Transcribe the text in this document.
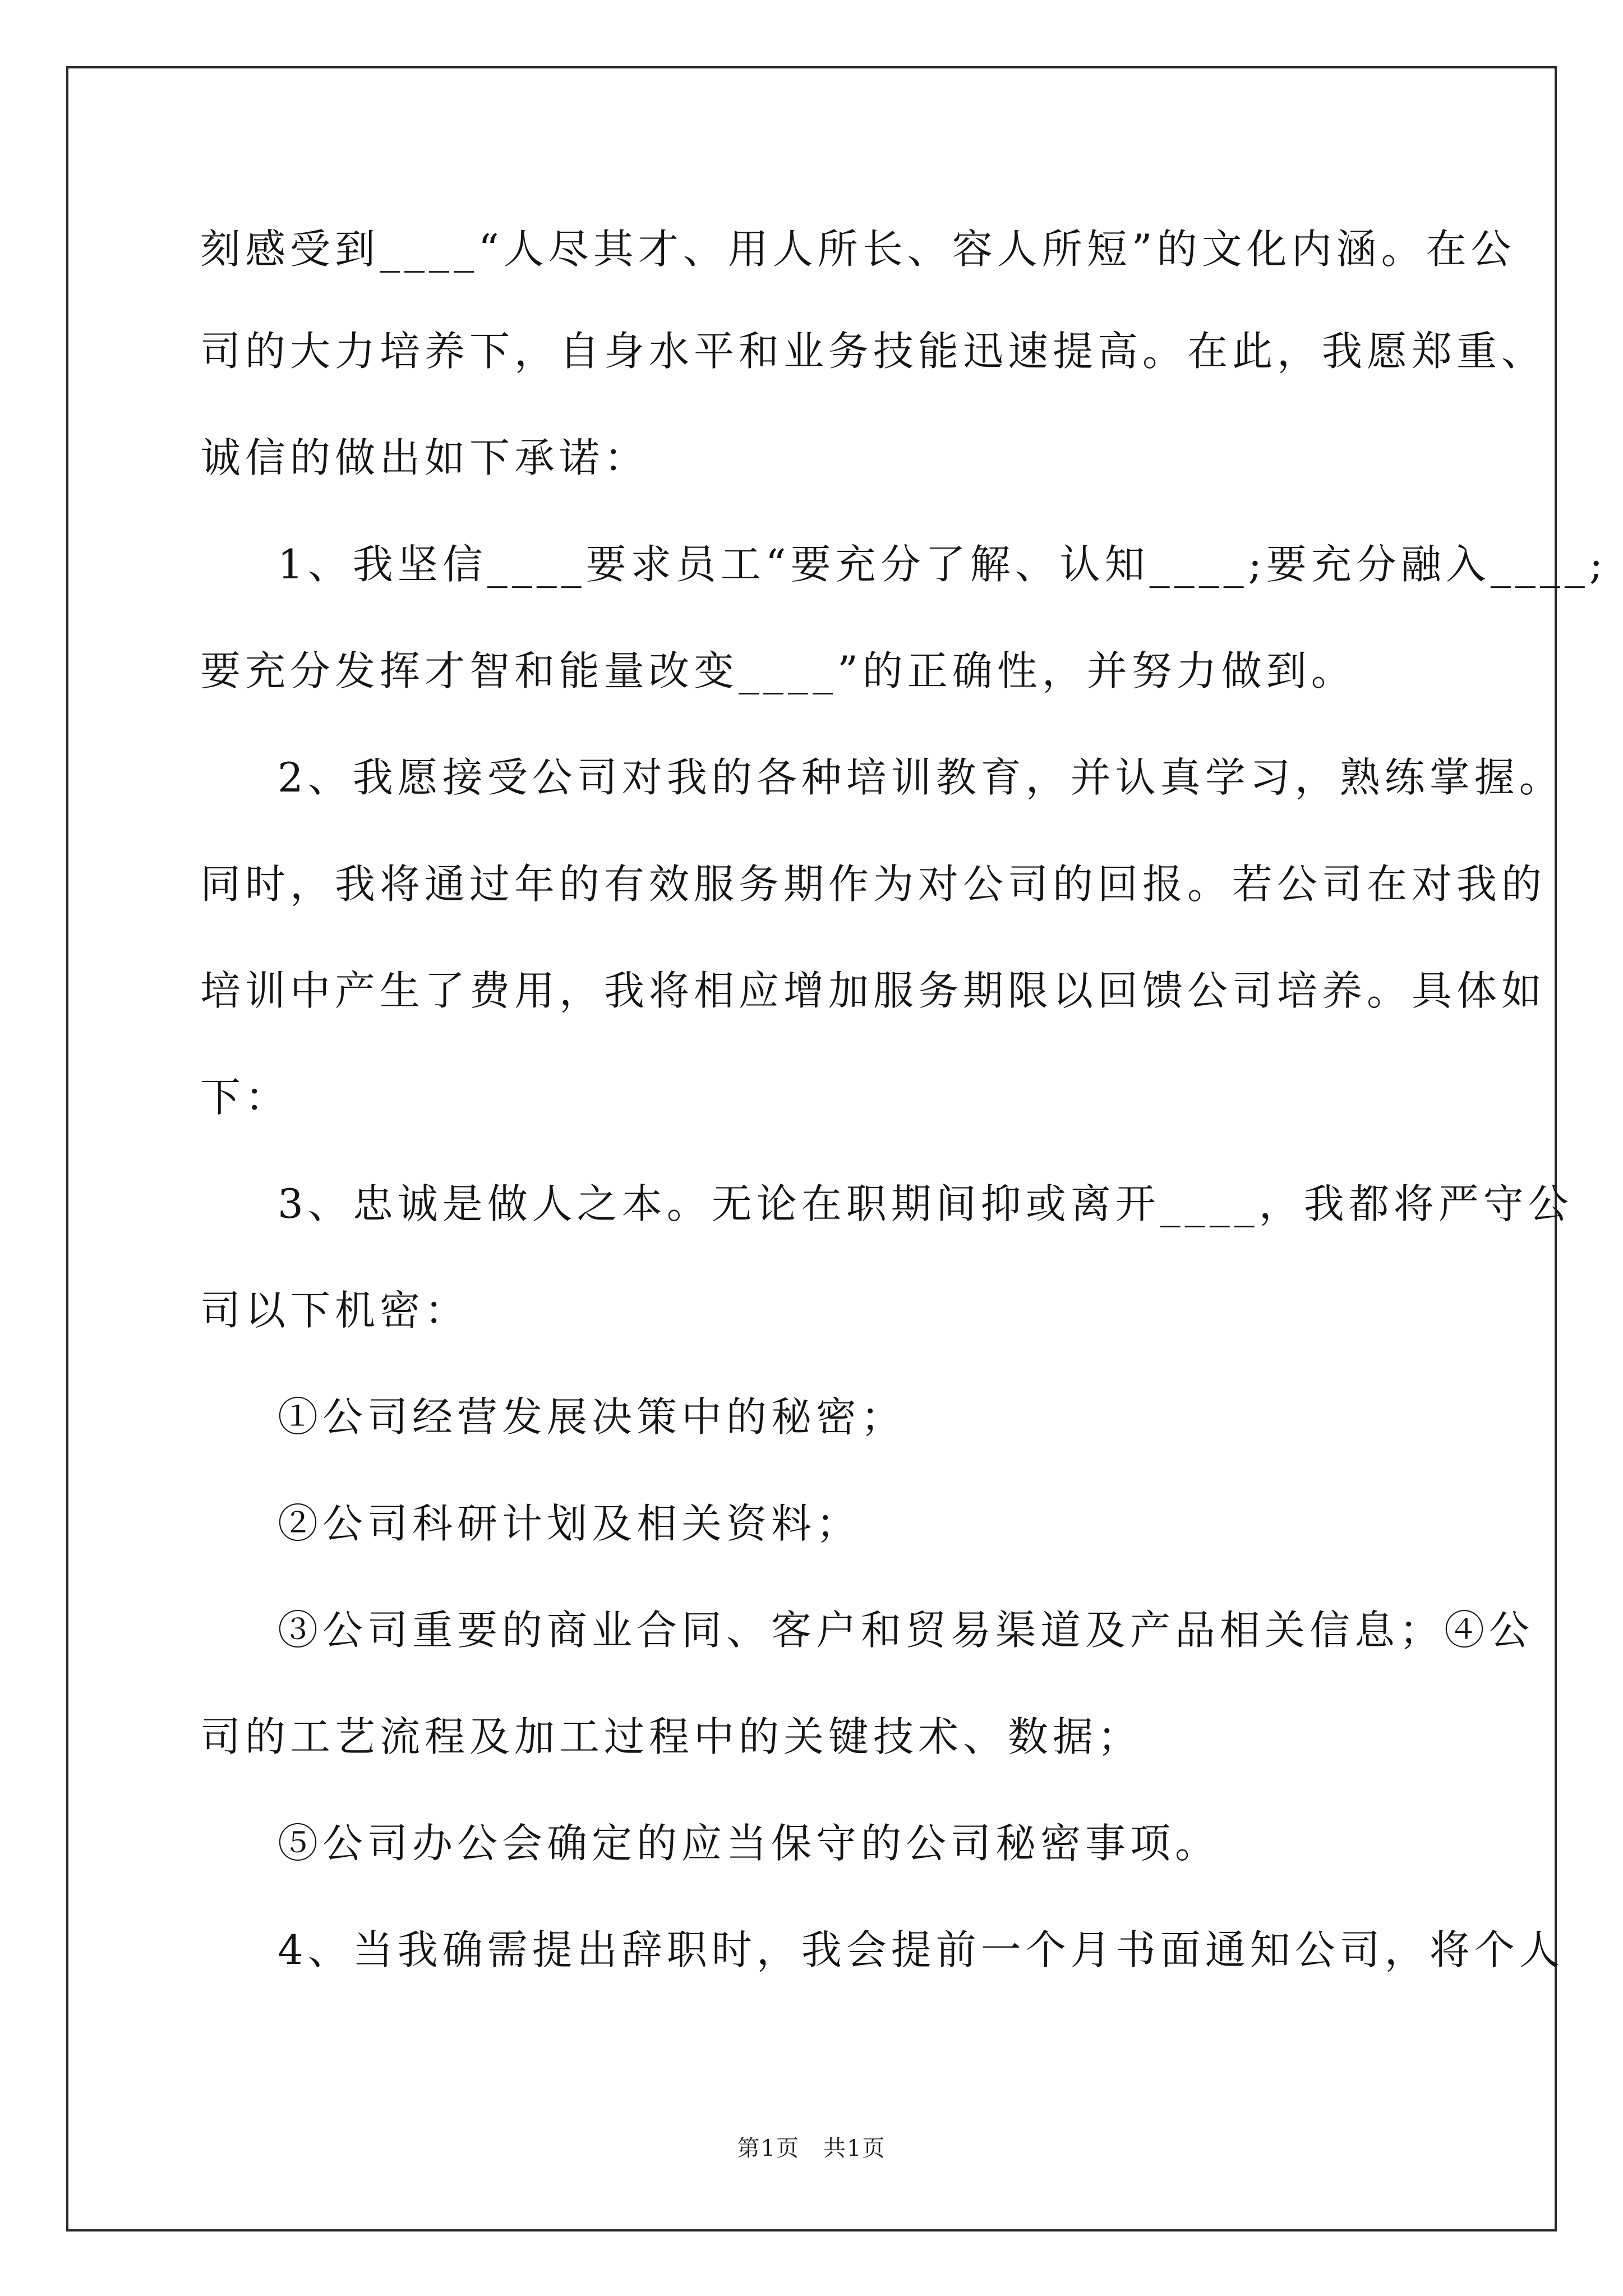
刻感受到____“人尽其才、用人所长、容人所短”的文化内涵。在公
司的大力培养下，自身水平和业务技能迅速提高。在此，我愿郑重、
诚信的做出如下承诺：
1、我坚信____要求员工“要充分了解、认知____;要充分融入____;
要充分发挥才智和能量改变____”的正确性，并努力做到。
2、我愿接受公司对我的各种培训教育，并认真学习，熟练掌握。
同时，我将通过年的有效服务期作为对公司的回报。若公司在对我的
培训中产生了费用，我将相应增加服务期限以回馈公司培养。具体如
下：
3、忠诚是做人之本。无论在职期间抑或离开____，我都将严守公
司以下机密：
①公司经营发展决策中的秘密；
②公司科研计划及相关资料；
③公司重要的商业合同、客户和贸易渠道及产品相关信息；④公
司的工艺流程及加工过程中的关键技术、数据；
⑤公司办公会确定的应当保守的公司秘密事项。
4、当我确需提出辞职时，我会提前一个月书面通知公司，将个人
第1页　共1页
